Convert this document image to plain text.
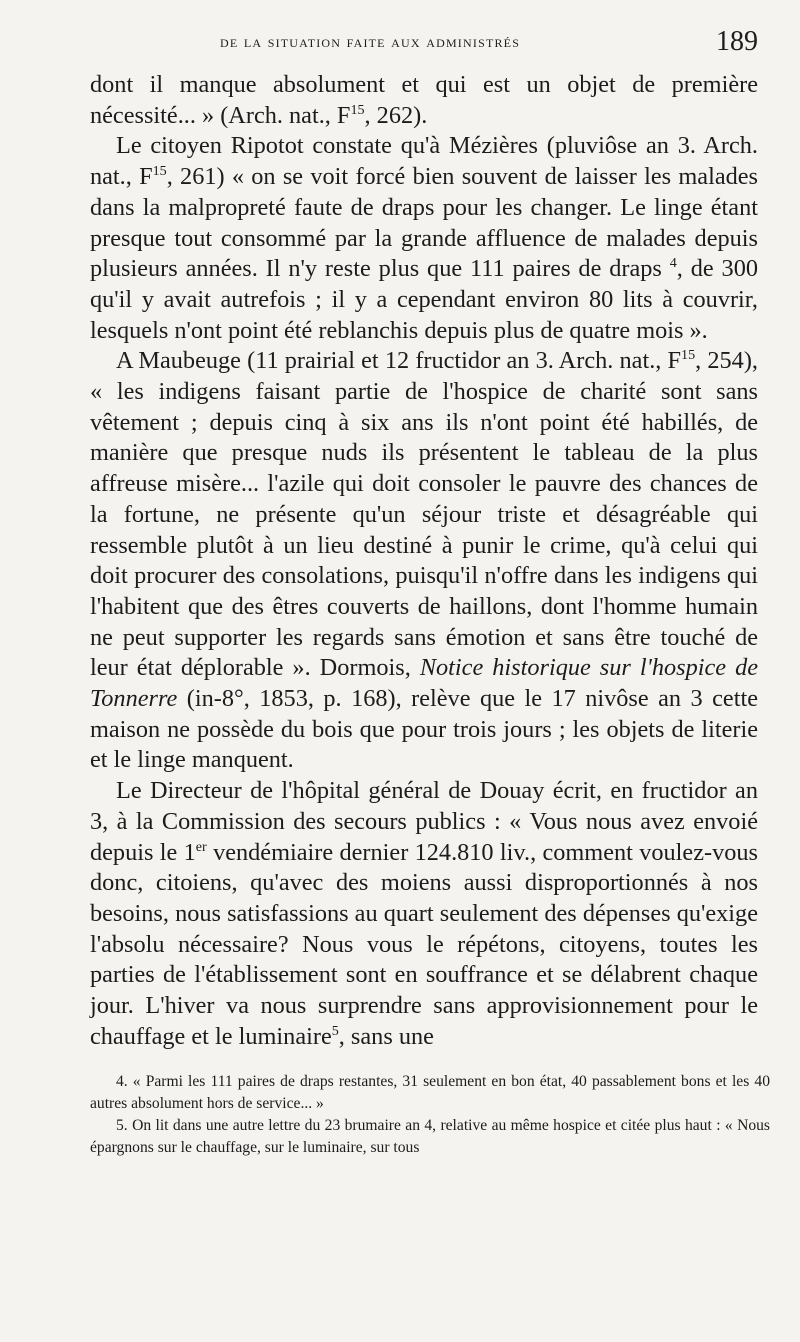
de la situation faite aux administrés	189

dont il manque absolument et qui est un objet de première nécessité... » (Arch. nat., $F^{15}$, 262).

Le citoyen Ripotot constate qu'à Mézières (pluviôse an 3. Arch. nat., $F^{15}$, 261) « on se voit forcé bien souvent de laisser les malades dans la malpropreté faute de draps pour les changer. Le linge étant presque tout consommé par la grande affluence de malades depuis plusieurs années. Il n'y reste plus que 111 paires de draps $^4$, de 300 qu'il y avait autrefois ; il y a cependant environ 80 lits à couvrir, lesquels n'ont point été reblanchis depuis plus de quatre mois ».

A Maubeuge (11 prairial et 12 fructidor an 3. Arch. nat., $F^{15}$, 254), « les indigens faisant partie de l'hospice de charité sont sans vêtement ; depuis cinq à six ans ils n'ont point été habillés, de manière que presque nuds ils présentent le tableau de la plus affreuse misère... l'azile qui doit consoler le pauvre des chances de la fortune, ne présente qu'un séjour triste et désagréable qui ressemble plutôt à un lieu destiné à punir le crime, qu'à celui qui doit procurer des consolations, puisqu'il n'offre dans les indigens qui l'habitent que des êtres couverts de haillons, dont l'homme humain ne peut supporter les regards sans émotion et sans être touché de leur état déplorable ». Dormois, Notice historique sur l'hospice de Tonnerre (in-8°, 1853, p. 168), relève que le 17 nivôse an 3 cette maison ne possède du bois que pour trois jours ; les objets de literie et le linge manquent.

Le Directeur de l'hôpital général de Douay écrit, en fructidor an 3, à la Commission des secours publics : « Vous nous avez envoié depuis le 1er vendémiaire dernier 124.810 liv., comment voulez-vous donc, citoiens, qu'avec des moiens aussi disproportionnés à nos besoins, nous satisfassions au quart seulement des dépenses qu'exige l'absolu nécessaire? Nous vous le répétons, citoyens, toutes les parties de l'établissement sont en souffrance et se délabrent chaque jour. L'hiver va nous surprendre sans approvisionnement pour le chauffage et le luminaire$^5$, sans une

4. « Parmi les 111 paires de draps restantes, 31 seulement en bon état, 40 passablement bons et les 40 autres absolument hors de service... »

5. On lit dans une autre lettre du 23 brumaire an 4, relative au même hospice et citée plus haut : « Nous épargnons sur le chauffage, sur le luminaire, sur tous
